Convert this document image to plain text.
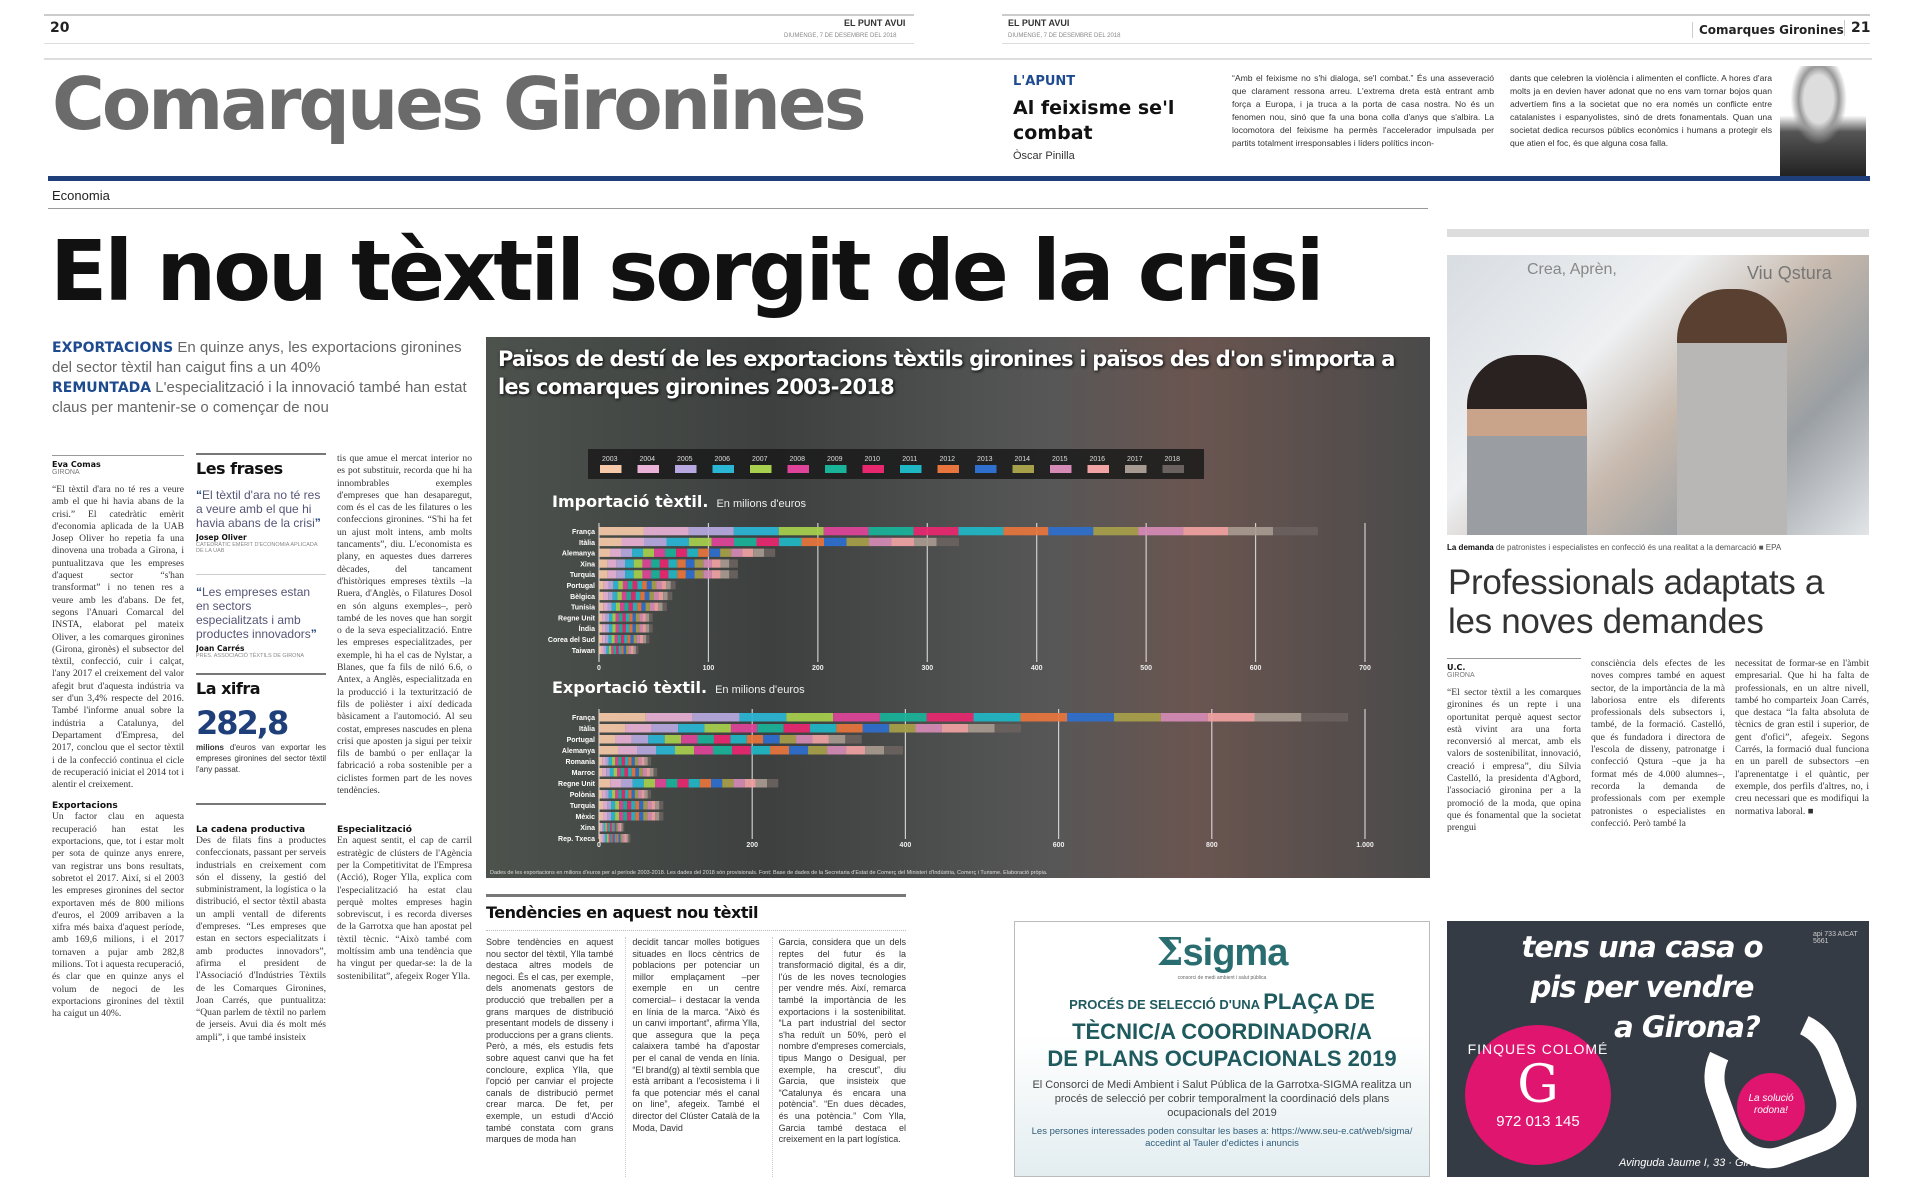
20	EL PUNT AVUI
DIUMENGE, 7 DE DESEMBRE DEL 2018
EL PUNT AVUI
DIUMENGE, 7 DE DESEMBRE DEL 2018	Comarques Gironines 21
Comarques Gironines	L'APUNT
Al feixisme se'l combat
Òscar Pinilla
“Amb el feixisme no s'hi dialoga, se'l combat.” És una asseveració que clarament ressona arreu. L'extrema dreta està entrant amb força a Europa, i ja truca a la porta de casa nostra. No és un fenomen nou, sinó que fa una bona colla d'anys que s'albira. La locomotora del feixisme ha permès l'accelerador impulsada per partits totalment irresponsables i líders polítics incon-
dants que celebren la violència i alimenten el conflicte. A hores d'ara molts ja en devien haver adonat que no ens vam tornar bojos quan advertíem fins a la societat que no era només un conflicte entre catalanistes i espanyolistes, sinó de drets fonamentals. Quan una societat dedica recursos públics econòmics i humans a protegir els que atien el foc, és que alguna cosa falla.
Economia
El nou tèxtil sorgit de la crisi
EXPORTACIONS En quinze anys, les exportacions gironines del sector tèxtil han caigut fins a un 40%
REMUNTADA L'especialització i la innovació també han estat claus per mantenir-se o començar de nou
Eva Comas
GIRONA
“El tèxtil d'ara no té res a veure amb el que hi havia abans de la crisi.” El catedràtic emèrit d'economia aplicada de la UAB Josep Oliver ho repetia fa una dinovena una trobada a Girona, i puntualitzava que les empreses d'aquest sector “s'han transformat” i no tenen res a veure amb les d'abans. De fet, segons l'Anuari Comarcal del INSTA, elaborat pel mateix Oliver, a les comarques gironines (Girona, gironès) el subsector del tèxtil, confecció, cuir i calçat, l'any 2017 el creixement del valor afegit brut d'aquesta indústria va ser d'un 3,4% respecte del 2016. També l'informe anual sobre la indústria a Catalunya, del Departament d'Empresa, del 2017, conclou que el sector tèxtil i de la confecció continua el cicle de recuperació iniciat el 2014 tot i alentir el creixement.
Exportacions
Un factor clau en aquesta recuperació han estat les exportacions, que, tot i estar molt per sota de quinze anys enrere, van registrar uns bons resultats, sobretot el 2017. Així, si el 2003 les empreses gironines del sector exportaven més de 800 milions d'euros, el 2009 arribaven a la xifra més baixa d'aquest període, amb 169,6 milions, i el 2017 tornaven a pujar amb 282,8 milions. Tot i aquesta recuperació, és clar que en quinze anys el volum de negoci de les exportacions gironines del tèxtil ha caigut un 40%.
Les frases
“El tèxtil d'ara no té res a veure amb el que hi havia abans de la crisi”
Josep Oliver
CATEDRÀTIC EMÈRIT D'ECONOMIA APLICADA DE LA UAB
“Les empreses estan en sectors especialitzats i amb productes innovadors”
Joan Carrés
PRES. ASSOCIACIÓ TÈXTILS DE GIRONA
La xifra
282,8
milions d'euros van exportar les empreses gironines del sector tèxtil l'any passat.
La cadena productiva
Des de filats fins a productes confeccionats, passant per serveis industrials en creixement com són el disseny, la gestió del subministrament, la logística o la distribució, el sector tèxtil abasta un ampli ventall de diferents d'empreses. “Les empreses que estan en sectors especialitzats i amb productes innovadors”, afirma el president de l'Associació d'Indústries Tèxtils de les Comarques Gironines, Joan Carrés, que puntualitza: “Quan parlem de tèxtil no parlem de jerseis. Avui dia és molt més ampli”, i que també insisteix
tis que amue el mercat interior no es pot substituir, recorda que hi ha innombrables exemples d'empreses que han desaparegut, com és el cas de les filatures o les confeccions gironines. “S'hi ha fet un ajust molt intens, amb molts tancaments”, diu. L'economista es plany, en aquestes dues darreres dècades, del tancament d'històriques empreses tèxtils –la Ruera, d'Anglès, o Filatures Dosol en són alguns exemples–, però també de les noves que han sorgit o de la seva especialització. Entre les empreses especialitzades, per exemple, hi ha el cas de Nylstar, a Blanes, que fa fils de niló 6.6, o Antex, a Anglès, especialitzada en la producció i la texturització de fils de polièster i així dedicada bàsicament a l'automoció. Al seu costat, empreses nascudes en plena crisi que aposten ja sigui per teixir fils de bambú o per enllaçar la fabricació a roba sostenible per a ciclistes formen part de les noves tendències.
Especialització
En aquest sentit, el cap de carril estratègic de clústers de l'Agència per la Competitivitat de l'Empresa (Acció), Roger Ylla, explica com l'especialització ha estat clau perquè moltes empreses hagin sobreviscut, i es recorda diverses de la Garrotxa que han apostat pel tèxtil tècnic. “Això també com moltíssim amb una tendència que ha vingut per quedar-se: la de la sostenibilitat”, afegeix Roger Ylla.
Països de destí de les exportacions tèxtils gironines i països des d'on s'importa a les comarques gironines 2003-2018
2003	2004	2005	2006	2007	2008	2009	2010	2011	2012	2013	2014	2015	2016	2017	2018
Importació tèxtil. En milions d'euros
0	100	200	300	400	500	600	700
França
Itàlia
Alemanya
Xina
Turquia
Portugal
Bèlgica
Tunísia
Regne Unit
Índia
Corea del Sud
Taiwan
Exportació tèxtil. En milions d'euros
0	200	400	600	800	1.000
França
Itàlia
Portugal
Alemanya
Romania
Marroc
Regne Unit
Polònia
Turquia
Mèxic
Xina
Rep. Txeca
Dades de les exportacions en milions d'euros per al període 2003-2018. Les dades del 2018 són provisionals. Font: Base de dades de la Secretaria d'Estat de Comerç del Ministeri d'Indústria, Comerç i Turisme. Elaboració pròpia.
Tendències en aquest nou tèxtil
Sobre tendències en aquest nou sector del tèxtil, Ylla també destaca altres models de negoci. És el cas, per exemple, dels anomenats gestors de producció que treballen per a grans marques de distribució presentant models de disseny i produccions per a grans clients. Però, a més, els estudis fets sobre aquest canvi que ha fet concloure, explica Ylla, que l'opció per canviar el projecte canals de distribució permet crear marca. De fet, per exemple, un estudi d'Acció també constata com grans marques de moda han
decidit tancar molles botigues situades en llocs cèntrics de poblacions per potenciar un millor emplaçament –per exemple en un centre comercial– i destacar la venda en línia de la marca. “Això és un canvi important”, afirma Ylla, que assegura que la peça calaixera també ha d'apostar per el canal de venda en línia. “El brand(g) al tèxtil sembla que està arribant a l'ecosistema i li fa que potenciar més el canal on line”, afegeix. També el director del Clúster Català de la Moda, David
Garcia, considera que un dels reptes del futur és la transformació digital, és a dir, l'ús de les noves tecnologies per vendre més. Així, remarca també la importància de les exportacions i la sostenibilitat. “La part industrial del sector s'ha reduït un 50%, però el nombre d'empreses comercials, tipus Mango o Desigual, per exemple, ha crescut”, diu Garcia, que insisteix que “Catalunya és encara una potència”. “En dues dècades, és una potència.” Com Ylla, Garcia també destaca el creixement en la part logística.
Crea, Aprèn,	Viu Qstura
La demanda de patronistes i especialistes en confecció és una realitat a la demarcació ■ EPA
Professionals adaptats a les noves demandes
U.C.
GIRONA
“El sector tèxtil a les comarques gironines és un repte i una oportunitat perquè aquest sector està vivint ara una forta reconversió al mercat, amb els valors de sostenibilitat, innovació, creació i empresa”, diu Sílvia Castelló, la presidenta d'Agbord, l'associació gironina per a la promoció de la moda, que opina que és fonamental que la societat prengui
consciència dels efectes de les noves compres també en aquest sector, de la importància de la mà laboriosa entre els diferents professionals dels subsectors i, també, de la formació. Castelló, que és fundadora i directora de l'escola de disseny, patronatge i confecció Qstura –que ja ha format més de 4.000 alumnes–, recorda la demanda de professionals com per exemple patronistes o especialistes en confecció. Però també la
necessitat de formar-se en l'àmbit empresarial. Que hi ha falta de professionals, en un altre nivell, també ho comparteix Joan Carrés, que destaca “la falta absoluta de tècnics de gran estil i superior, de gent d'ofici”, afegeix. Segons Carrés, la formació dual funciona en un parell de subsectors –en l'aprenentatge i el quàntic, per exemple, dos perfils d'altres, no, i creu necessari que es modifiqui la normativa laboral. ■
Σsigma
consorci de medi ambient i salut pública
PROCÉS DE SELECCIÓ D'UNA PLAÇA DE
TÈCNIC/A COORDINADOR/A
DE PLANS OCUPACIONALS 2019
El Consorci de Medi Ambient i Salut Pública de la Garrotxa-SIGMA realitza un procés de selecció per cobrir temporalment la coordinació dels plans ocupacionals del 2019
Les persones interessades poden consultar les bases a: https://www.seu-e.cat/web/sigma/ accedint al Tauler d'edictes i anuncis
tens una casa o
pis per vendre
a Girona?
api 733 AICAT 5661
FINQUES COLOMÉ
G
972 013 145
La solució rodona!
Avinguda Jaume I, 33 · Girona
